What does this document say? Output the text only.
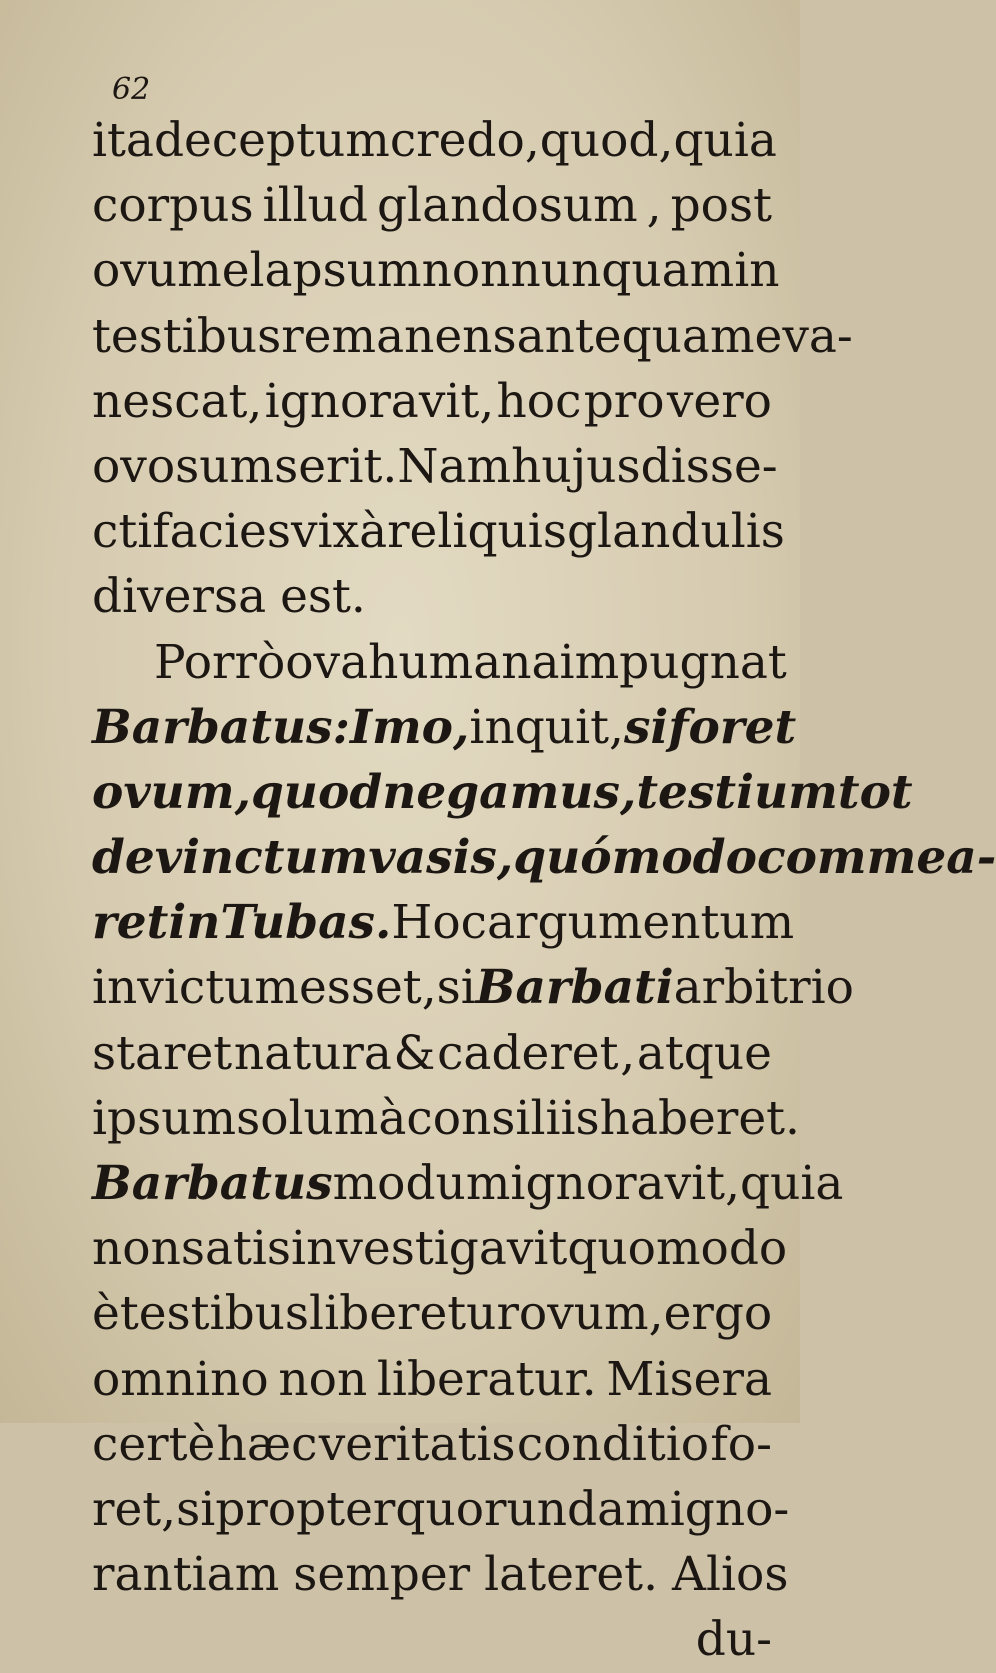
62
ita deceptum credo , quod , quia
corpus illud glandosum , post
ovum elapsum nonnunquam in
testibus remanens antequam eva-
nescat, ignoravit, hoc pro vero
ovo sumserit. Nam hujus disse-
cti facies vix à reliquis glandulis
diversa est.
Porrò ova humana impugnat
Barbatus : Imo , inquit, si foret
ovum , quod negamus , testium tot
devinctum vasis , quómodo commea-
ret in Tubas. Hoc argumentum
invictum esset, si Barbati arbitrio
staret natura & caderet , atque
ipsum solum à consiliis haberet.
Barbatus modum ignoravit , quia
non satis investigavit quomodo
è testibus liberetur ovum , ergo
omnino non liberatur. Misera
certè hæc veritatis conditio fo-
ret , si propter quorundam igno-
rantiam semper lateret. Alios
du-
